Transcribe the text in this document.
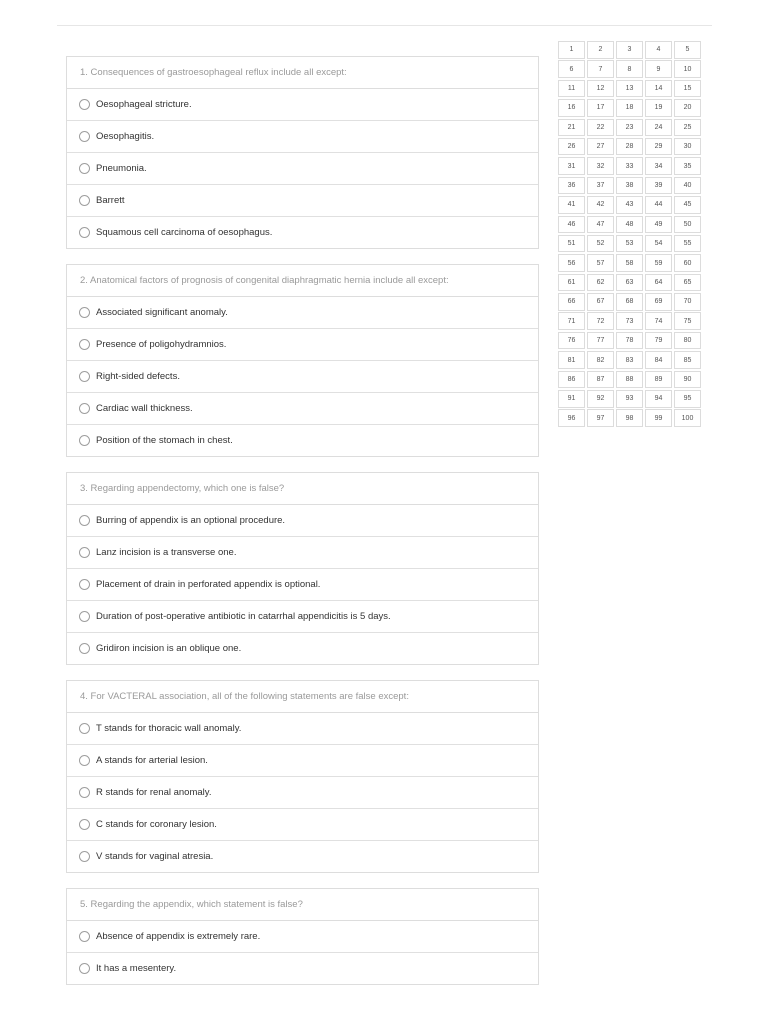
1. Consequences of gastroesophageal reflux include all except:
Oesophageal stricture.
Oesophagitis.
Pneumonia.
Barrett
Squamous cell carcinoma of oesophagus.
2. Anatomical factors of prognosis of congenital diaphragmatic hernia include all except:
Associated significant anomaly.
Presence of poligohydramnios.
Right-sided defects.
Cardiac wall thickness.
Position of the stomach in chest.
3. Regarding appendectomy, which one is false?
Burring of appendix is an optional procedure.
Lanz incision is a transverse one.
Placement of drain in perforated appendix is optional.
Duration of post-operative antibiotic in catarrhal appendicitis is 5 days.
Gridiron incision is an oblique one.
4. For VACTERAL association, all of the following statements are false except:
T stands for thoracic wall anomaly.
A stands for arterial lesion.
R stands for renal anomaly.
C stands for coronary lesion.
V stands for vaginal atresia.
5. Regarding the appendix, which statement is false?
Absence of appendix is extremely rare.
It has a mesentery.
1	2	3	4	5
6	7	8	9	10
11	12	13	14	15
16	17	18	19	20
21	22	23	24	25
26	27	28	29	30
31	32	33	34	35
36	37	38	39	40
41	42	43	44	45
46	47	48	49	50
51	52	53	54	55
56	57	58	59	60
61	62	63	64	65
66	67	68	69	70
71	72	73	74	75
76	77	78	79	80
81	82	83	84	85
86	87	88	89	90
91	92	93	94	95
96	97	98	99	100
